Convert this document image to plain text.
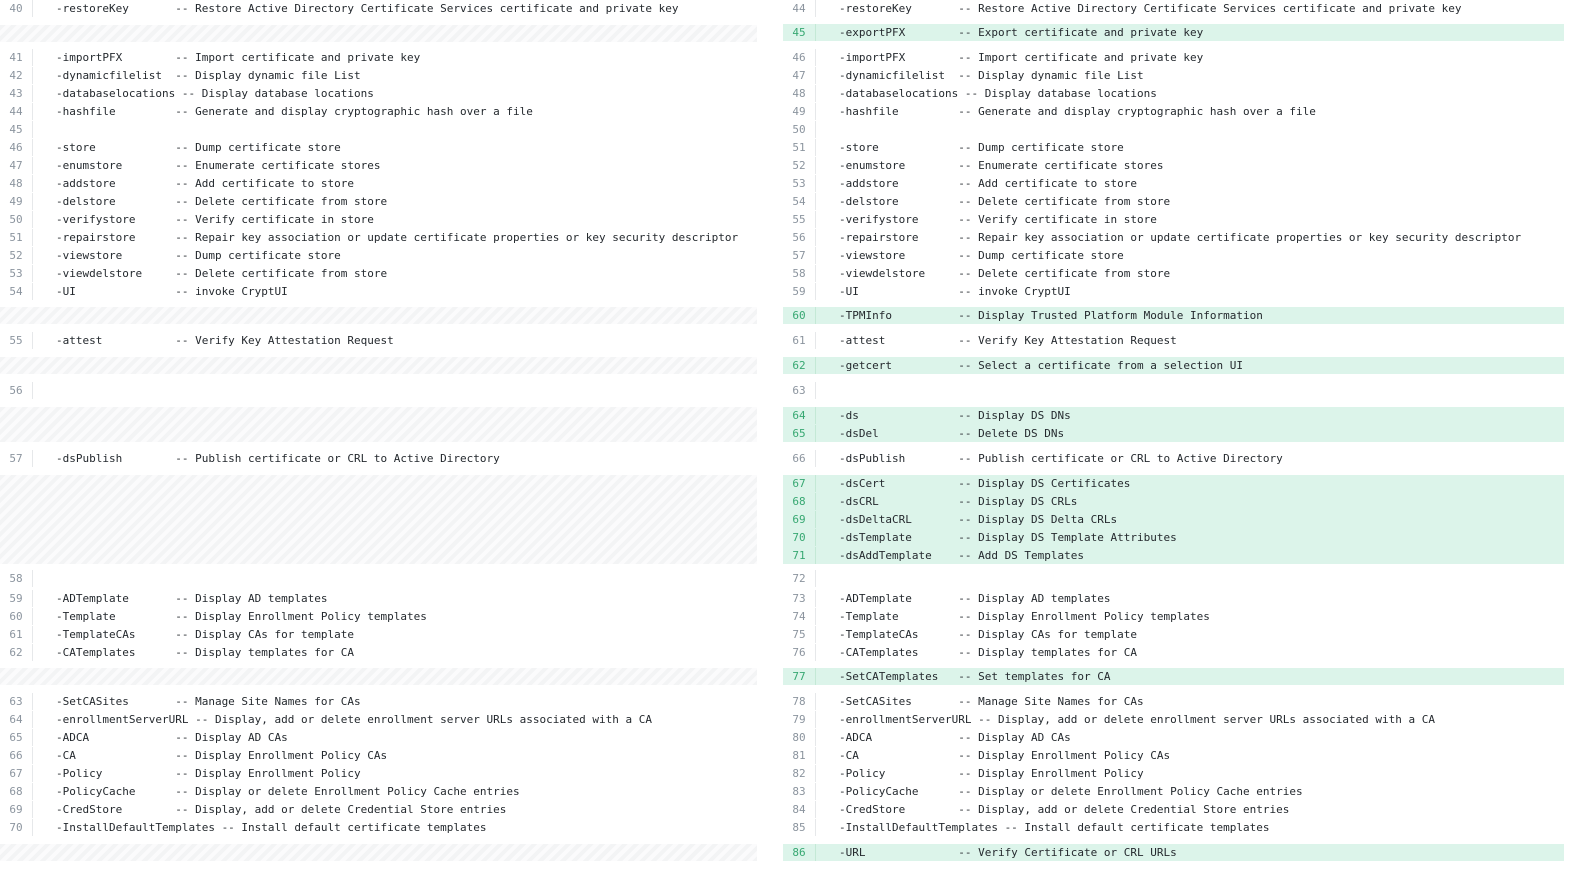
40	-restoreKey       -- Restore Active Directory Certificate Services certificate and private key
41	-importPFX        -- Import certificate and private key
42	-dynamicfilelist  -- Display dynamic file List
43	-databaselocations -- Display database locations
44	-hashfile         -- Generate and display cryptographic hash over a file
45
46	-store            -- Dump certificate store
47	-enumstore        -- Enumerate certificate stores
48	-addstore         -- Add certificate to store
49	-delstore         -- Delete certificate from store
50	-verifystore      -- Verify certificate in store
51	-repairstore      -- Repair key association or update certificate properties or key security descriptor
52	-viewstore        -- Dump certificate store
53	-viewdelstore     -- Delete certificate from store
54	-UI               -- invoke CryptUI
55	-attest           -- Verify Key Attestation Request
56
57	-dsPublish        -- Publish certificate or CRL to Active Directory
58
59	-ADTemplate       -- Display AD templates
60	-Template         -- Display Enrollment Policy templates
61	-TemplateCAs      -- Display CAs for template
62	-CATemplates      -- Display templates for CA
63	-SetCASites       -- Manage Site Names for CAs
64	-enrollmentServerURL -- Display, add or delete enrollment server URLs associated with a CA
65	-ADCA             -- Display AD CAs
66	-CA               -- Display Enrollment Policy CAs
67	-Policy           -- Display Enrollment Policy
68	-PolicyCache      -- Display or delete Enrollment Policy Cache entries
69	-CredStore        -- Display, add or delete Credential Store entries
70	-InstallDefaultTemplates -- Install default certificate templates
44	-restoreKey       -- Restore Active Directory Certificate Services certificate and private key
45	-exportPFX        -- Export certificate and private key
46	-importPFX        -- Import certificate and private key
47	-dynamicfilelist  -- Display dynamic file List
48	-databaselocations -- Display database locations
49	-hashfile         -- Generate and display cryptographic hash over a file
50
51	-store            -- Dump certificate store
52	-enumstore        -- Enumerate certificate stores
53	-addstore         -- Add certificate to store
54	-delstore         -- Delete certificate from store
55	-verifystore      -- Verify certificate in store
56	-repairstore      -- Repair key association or update certificate properties or key security descriptor
57	-viewstore        -- Dump certificate store
58	-viewdelstore     -- Delete certificate from store
59	-UI               -- invoke CryptUI
60	-TPMInfo          -- Display Trusted Platform Module Information
61	-attest           -- Verify Key Attestation Request
62	-getcert          -- Select a certificate from a selection UI
63
64	-ds               -- Display DS DNs
65	-dsDel            -- Delete DS DNs
66	-dsPublish        -- Publish certificate or CRL to Active Directory
67	-dsCert           -- Display DS Certificates
68	-dsCRL            -- Display DS CRLs
69	-dsDeltaCRL       -- Display DS Delta CRLs
70	-dsTemplate       -- Display DS Template Attributes
71	-dsAddTemplate    -- Add DS Templates
72
73	-ADTemplate       -- Display AD templates
74	-Template         -- Display Enrollment Policy templates
75	-TemplateCAs      -- Display CAs for template
76	-CATemplates      -- Display templates for CA
77	-SetCATemplates   -- Set templates for CA
78	-SetCASites       -- Manage Site Names for CAs
79	-enrollmentServerURL -- Display, add or delete enrollment server URLs associated with a CA
80	-ADCA             -- Display AD CAs
81	-CA               -- Display Enrollment Policy CAs
82	-Policy           -- Display Enrollment Policy
83	-PolicyCache      -- Display or delete Enrollment Policy Cache entries
84	-CredStore        -- Display, add or delete Credential Store entries
85	-InstallDefaultTemplates -- Install default certificate templates
86	-URL              -- Verify Certificate or CRL URLs
